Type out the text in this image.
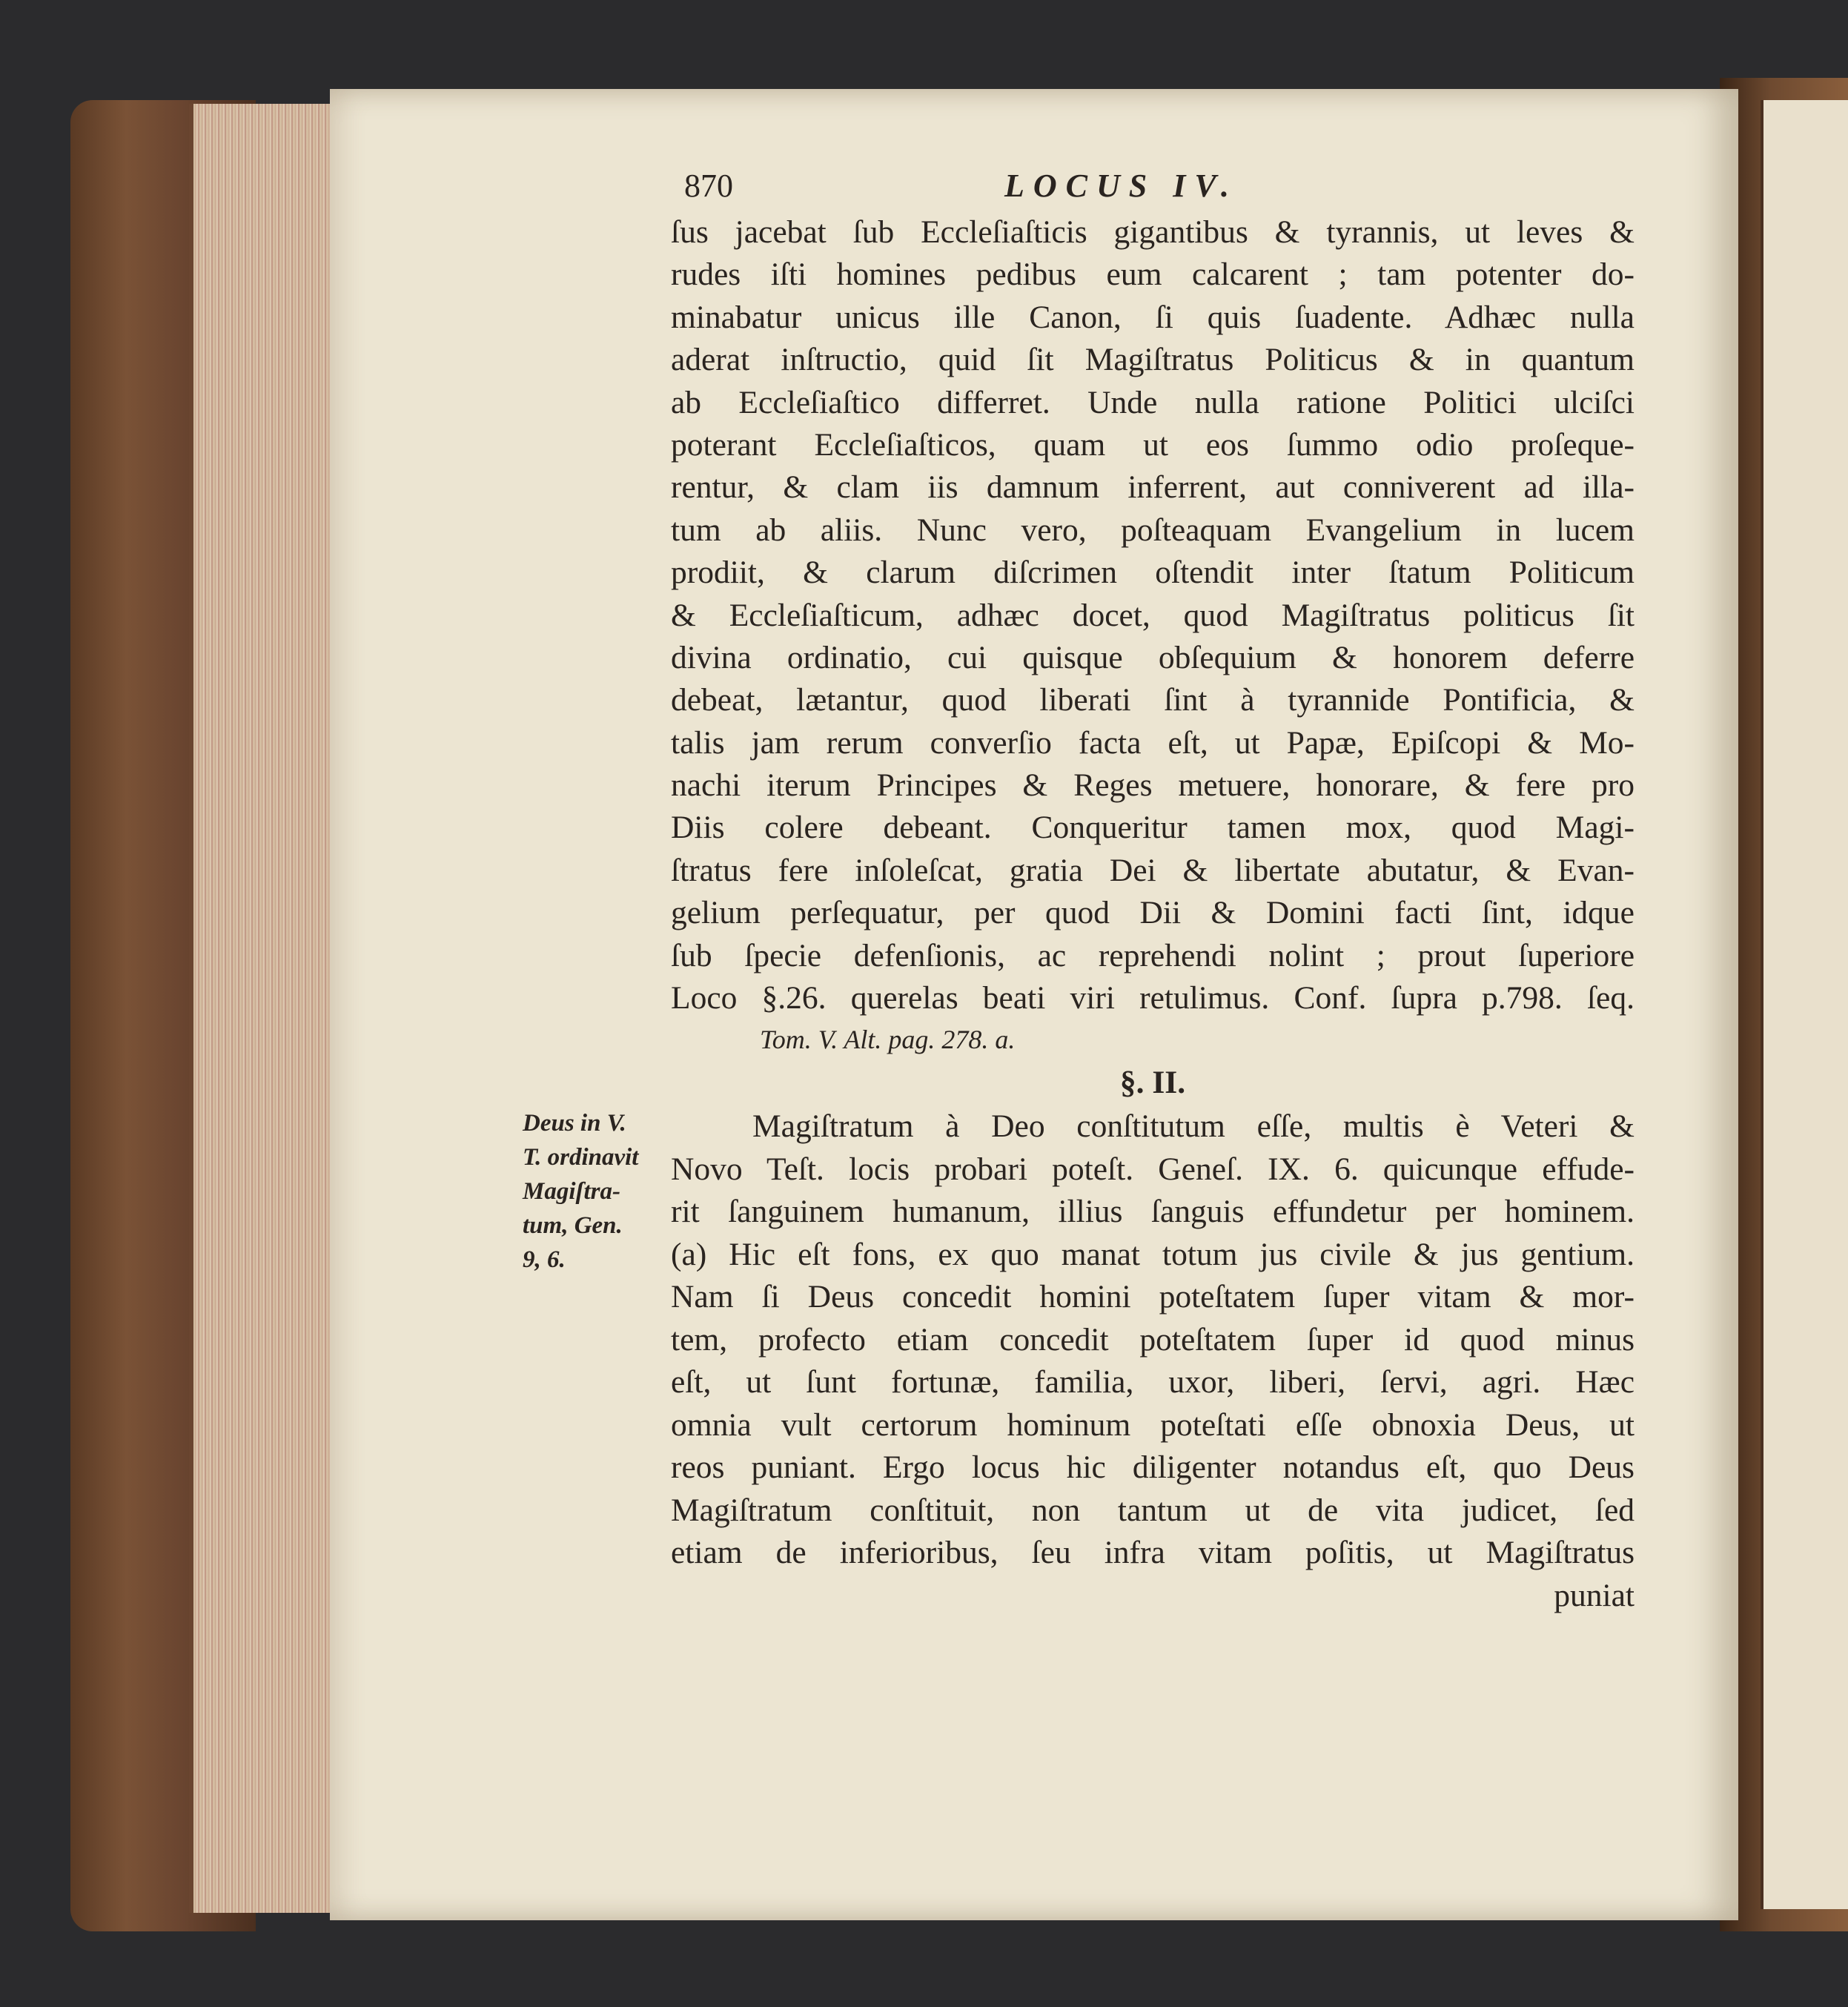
Deus in V.
T. ordinavit
Magiſtra-
tum, Gen.
9, 6.
870	LOCUS IV.
ſus jacebat ſub Eccleſiaſticis gigantibus & tyrannis, ut leves &
rudes iſti homines pedibus eum calcarent ; tam potenter do-
minabatur unicus ille Canon, ſi quis ſuadente. Adhæc nulla
aderat inſtructio, quid ſit Magiſtratus Politicus & in quantum
ab Eccleſiaſtico differret. Unde nulla ratione Politici ulciſci
poterant Eccleſiaſticos, quam ut eos ſummo odio proſeque-
rentur, & clam iis damnum inferrent, aut conniverent ad illa-
tum ab aliis. Nunc vero, poſteaquam Evangelium in lucem
prodiit, & clarum diſcrimen oſtendit inter ſtatum Politicum
& Eccleſiaſticum, adhæc docet, quod Magiſtratus politicus ſit
divina ordinatio, cui quisque obſequium & honorem deferre
debeat, lætantur, quod liberati ſint à tyrannide Pontificia, &
talis jam rerum converſio facta eſt, ut Papæ, Epiſcopi & Mo-
nachi iterum Principes & Reges metuere, honorare, & fere pro
Diis colere debeant. Conqueritur tamen mox, quod Magi-
ſtratus fere inſoleſcat, gratia Dei & libertate abutatur, & Evan-
gelium perſequatur, per quod Dii & Domini facti ſint, idque
ſub ſpecie defenſionis, ac reprehendi nolint ; prout ſuperiore
Loco §.26. querelas beati viri retulimus. Conf. ſupra p.798. ſeq.
Tom. V. Alt. pag. 278. a.
§. II.
Magiſtratum à Deo conſtitutum eſſe, multis è Veteri &
Novo Teſt. locis probari poteſt. Geneſ. IX. 6. quicunque effude-
rit ſanguinem humanum, illius ſanguis effundetur per hominem.
(a) Hic eſt fons, ex quo manat totum jus civile & jus gentium.
Nam ſi Deus concedit homini poteſtatem ſuper vitam & mor-
tem, profecto etiam concedit poteſtatem ſuper id quod minus
eſt, ut ſunt fortunæ, familia, uxor, liberi, ſervi, agri. Hæc
omnia vult certorum hominum poteſtati eſſe obnoxia Deus, ut
reos puniant. Ergo locus hic diligenter notandus eſt, quo Deus
Magiſtratum conſtituit, non tantum ut de vita judicet, ſed
etiam de inferioribus, ſeu infra vitam poſitis, ut Magiſtratus
puniat
